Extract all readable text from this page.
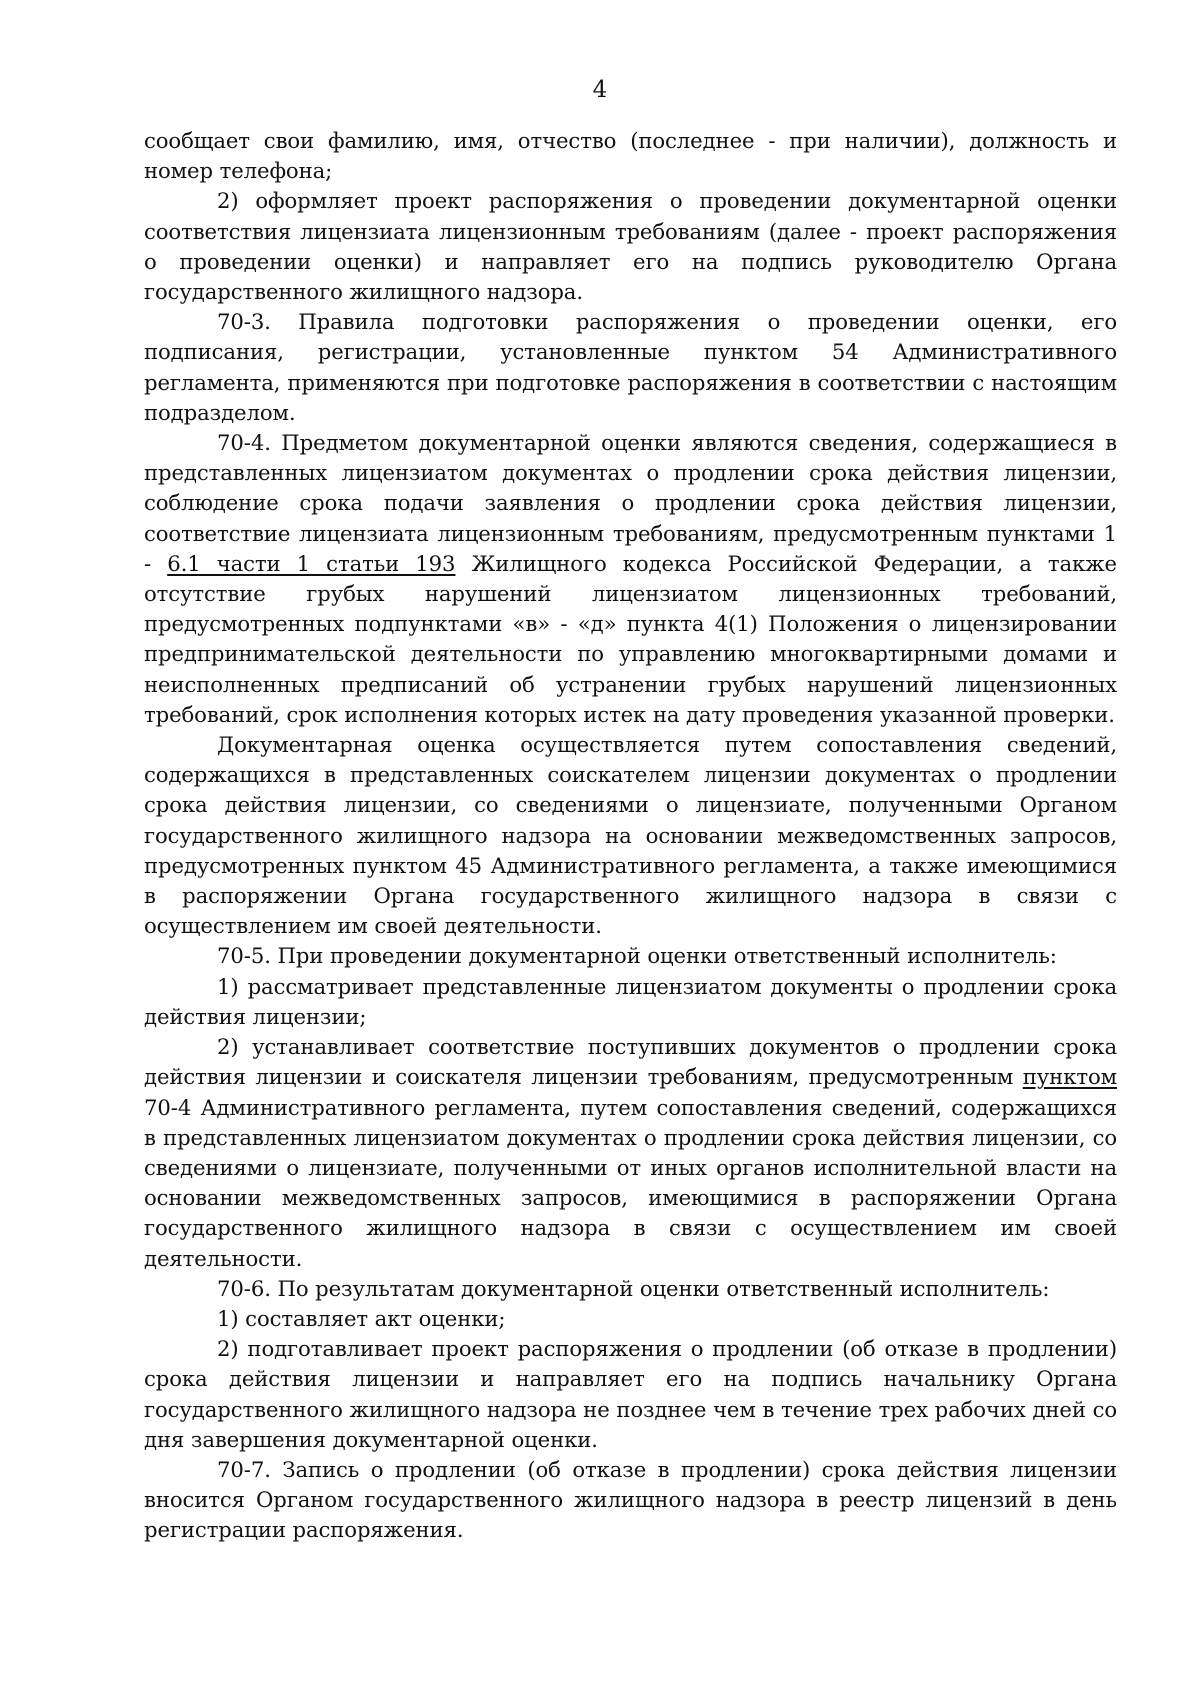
4

сообщает свои фамилию, имя, отчество (последнее - при наличии), должность и номер телефона;

2) оформляет проект распоряжения о проведении документарной оценки соответствия лицензиата лицензионным требованиям (далее - проект распоряжения о проведении оценки) и направляет его на подпись руководителю Органа государственного жилищного надзора.

70-3. Правила подготовки распоряжения о проведении оценки, его подписания, регистрации, установленные пунктом 54 Административного регламента, применяются при подготовке распоряжения в соответствии с настоящим подразделом.

70-4. Предметом документарной оценки являются сведения, содержащиеся в представленных лицензиатом документах о продлении срока действия лицензии, соблюдение срока подачи заявления о продлении срока действия лицензии, соответствие лицензиата лицензионным требованиям, предусмотренным пунктами 1 - 6.1 части 1 статьи 193 Жилищного кодекса Российской Федерации, а также отсутствие грубых нарушений лицензиатом лицензионных требований, предусмотренных подпунктами «в» - «д» пункта 4(1) Положения о лицензировании предпринимательской деятельности по управлению многоквартирными домами и неисполненных предписаний об устранении грубых нарушений лицензионных требований, срок исполнения которых истек на дату проведения указанной проверки.

Документарная оценка осуществляется путем сопоставления сведений, содержащихся в представленных соискателем лицензии документах о продлении срока действия лицензии, со сведениями о лицензиате, полученными Органом государственного жилищного надзора на основании межведомственных запросов, предусмотренных пунктом 45 Административного регламента, а также имеющимися в распоряжении Органа государственного жилищного надзора в связи с осуществлением им своей деятельности.

70-5. При проведении документарной оценки ответственный исполнитель:

1) рассматривает представленные лицензиатом документы о продлении срока действия лицензии;

2) устанавливает соответствие поступивших документов о продлении срока действия лицензии и соискателя лицензии требованиям, предусмотренным пунктом 70-4 Административного регламента, путем сопоставления сведений, содержащихся в представленных лицензиатом документах о продлении срока действия лицензии, со сведениями о лицензиате, полученными от иных органов исполнительной власти на основании межведомственных запросов, имеющимися в распоряжении Органа государственного жилищного надзора в связи с осуществлением им своей деятельности.

70-6. По результатам документарной оценки ответственный исполнитель:

1) составляет акт оценки;

2) подготавливает проект распоряжения о продлении (об отказе в продлении) срока действия лицензии и направляет его на подпись начальнику Органа государственного жилищного надзора не позднее чем в течение трех рабочих дней со дня завершения документарной оценки.

70-7. Запись о продлении (об отказе в продлении) срока действия лицензии вносится Органом государственного жилищного надзора в реестр лицензий в день регистрации распоряжения.
